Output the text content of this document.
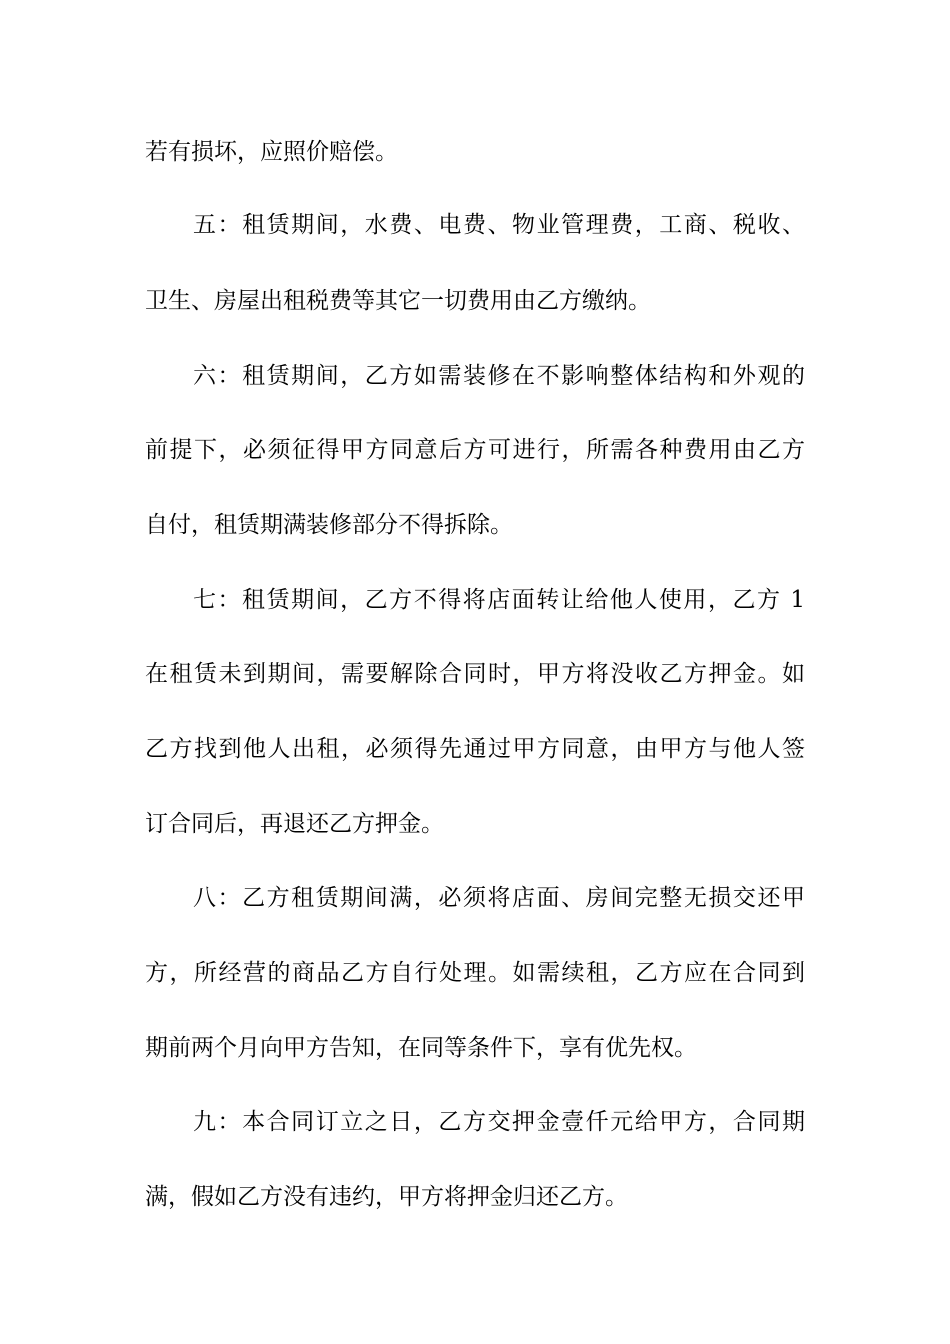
若有损坏，应照价赔偿。
五：租赁期间，水费、电费、物业管理费，工商、税收、
卫生、房屋出租税费等其它一切费用由乙方缴纳。
六：租赁期间，乙方如需装修在不影响整体结构和外观的
前提下，必须征得甲方同意后方可进行，所需各种费用由乙方
自付，租赁期满装修部分不得拆除。
七：租赁期间，乙方不得将店面转让给他人使用，乙方 1
在租赁未到期间，需要解除合同时，甲方将没收乙方押金。如
乙方找到他人出租，必须得先通过甲方同意，由甲方与他人签
订合同后，再退还乙方押金。
八：乙方租赁期间满，必须将店面、房间完整无损交还甲
方，所经营的商品乙方自行处理。如需续租，乙方应在合同到
期前两个月向甲方告知，在同等条件下，享有优先权。
九：本合同订立之日，乙方交押金壹仟元给甲方，合同期
满，假如乙方没有违约，甲方将押金归还乙方。
